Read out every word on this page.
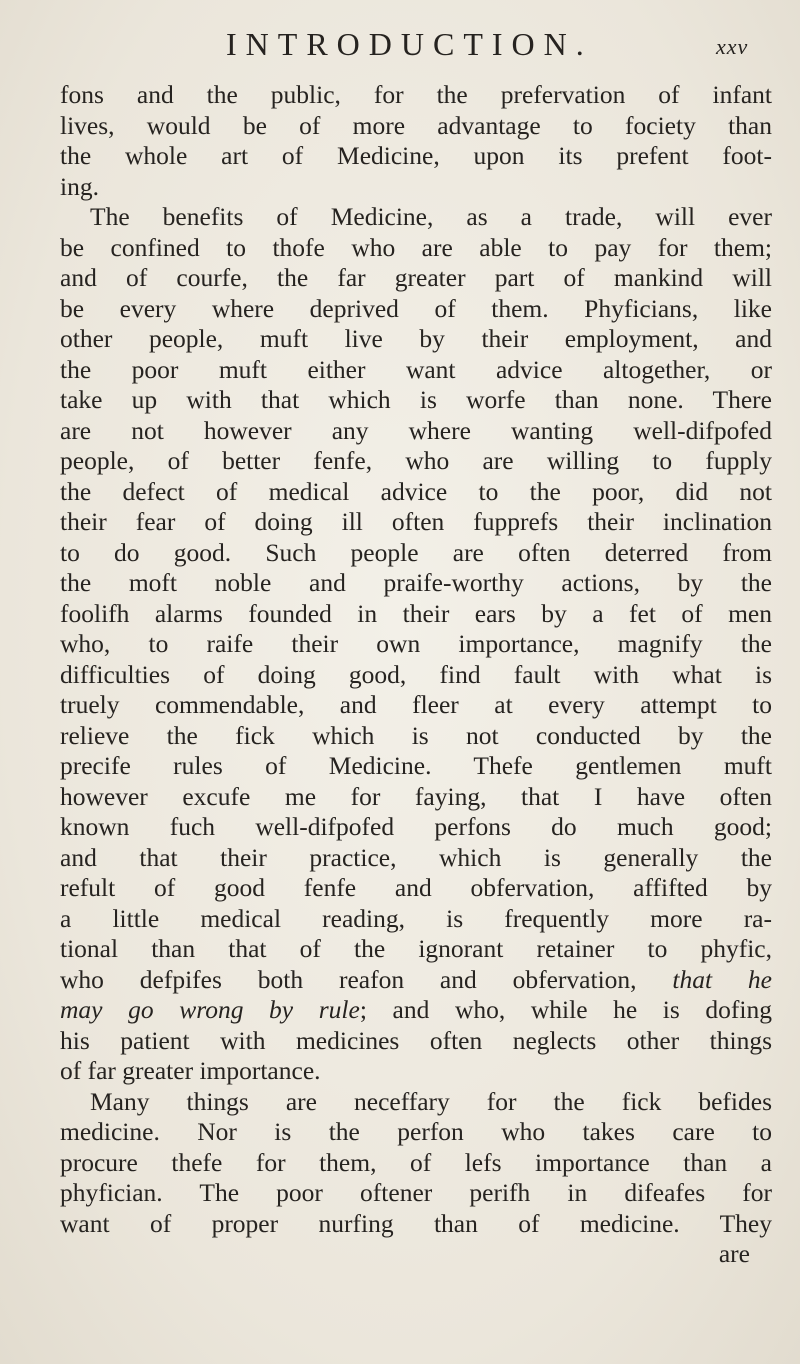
INTRODUCTION.	xxv
fons and the public, for the prefervation of infant
lives, would be of more advantage to fociety than
the whole art of Medicine, upon its prefent foot-
ing.
The benefits of Medicine, as a trade, will ever
be confined to thofe who are able to pay for them;
and of courfe, the far greater part of mankind will
be every where deprived of them. Phyficians, like
other people, muft live by their employment, and
the poor muft either want advice altogether, or
take up with that which is worfe than none. There
are not however any where wanting well-difpofed
people, of better fenfe, who are willing to fupply
the defect of medical advice to the poor, did not
their fear of doing ill often fupprefs their inclination
to do good. Such people are often deterred from
the moft noble and praife-worthy actions, by the
foolifh alarms founded in their ears by a fet of men
who, to raife their own importance, magnify the
difficulties of doing good, find fault with what is
truely commendable, and fleer at every attempt to
relieve the fick which is not conducted by the
precife rules of Medicine. Thefe gentlemen muft
however excufe me for faying, that I have often
known fuch well-difpofed perfons do much good;
and that their practice, which is generally the
refult of good fenfe and obfervation, affifted by
a little medical reading, is frequently more ra-
tional than that of the ignorant retainer to phyfic,
who defpifes both reafon and obfervation, that he
may go wrong by rule; and who, while he is dofing
his patient with medicines often neglects other things
of far greater importance.
Many things are neceffary for the fick befides
medicine. Nor is the perfon who takes care to
procure thefe for them, of lefs importance than a
phyfician. The poor oftener perifh in difeafes for
want of proper nurfing than of medicine. They
are
